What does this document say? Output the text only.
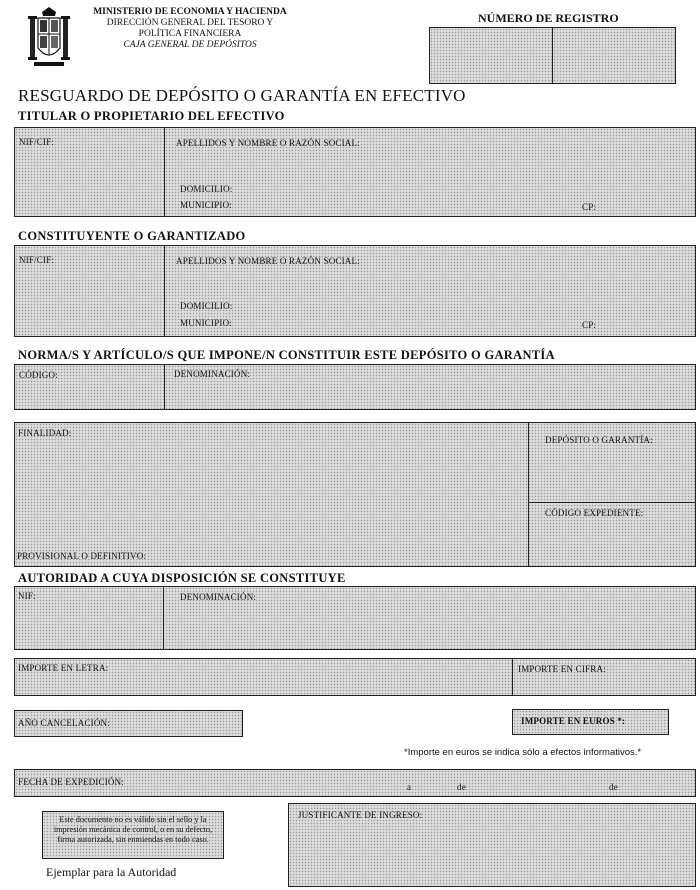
MINISTERIO DE ECONOMIA Y HACIENDA
DIRECCIÓN GENERAL DEL TESORO Y
POLÍTICA FINANCIERA
CAJA GENERAL DE DEPÓSITOS
NÚMERO DE REGISTRO
RESGUARDO DE DEPÓSITO O GARANTÍA EN EFECTIVO
TITULAR O PROPIETARIO DEL EFECTIVO
NIF/CIF:	APELLIDOS Y NOMBRE O RAZÓN SOCIAL:
DOMICILIO:
MUNICIPIO:	CP:
CONSTITUYENTE O GARANTIZADO
NIF/CIF:	APELLIDOS Y NOMBRE O RAZÓN SOCIAL:
DOMICILIO:
MUNICIPIO:	CP:
NORMA/S Y ARTÍCULO/S QUE IMPONE/N CONSTITUIR ESTE DEPÓSITO O GARANTÍA
CÓDIGO:	DENOMINACIÓN:
FINALIDAD:
DEPÓSITO O GARANTÍA:
CÓDIGO EXPEDIENTE:
PROVISIONAL O DEFINITIVO:
AUTORIDAD A CUYA DISPOSICIÓN SE CONSTITUYE
NIF:	DENOMINACIÓN:
IMPORTE EN LETRA:	IMPORTE EN CIFRA:
AÑO CANCELACIÓN:	IMPORTE EN EUROS *:
*Importe en euros se indica sólo a efectos informativos.*
FECHA DE EXPEDICIÓN:	a	de	de
Este documento no es válido sin el sello y la impresión mecánica de control, o en su defecto, firma autorizada, sin enmiendas en todo caso.
JUSTIFICANTE DE INGRESO:
Ejemplar para la Autoridad
